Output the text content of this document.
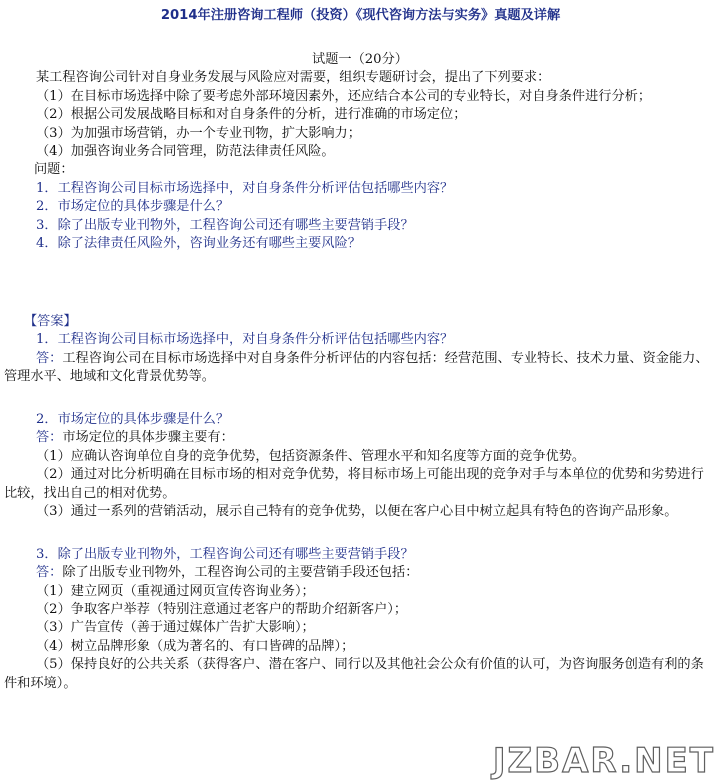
2014年注册咨询工程师（投资）《现代咨询方法与实务》真题及详解
试题一（20分）
某工程咨询公司针对自身业务发展与风险应对需要，组织专题研讨会，提出了下列要求：
（1）在目标市场选择中除了要考虑外部环境因素外，还应结合本公司的专业特长，对自身条件进行分析；
（2）根据公司发展战略目标和对自身条件的分析，进行准确的市场定位；
（3）为加强市场营销，办一个专业刊物，扩大影响力；
（4）加强咨询业务合同管理，防范法律责任风险。
问题：
1．工程咨询公司目标市场选择中，对自身条件分析评估包括哪些内容？
2．市场定位的具体步骤是什么？
3．除了出版专业刊物外，工程咨询公司还有哪些主要营销手段？
4．除了法律责任风险外，咨询业务还有哪些主要风险？
【答案】
1．工程咨询公司目标市场选择中，对自身条件分析评估包括哪些内容？
答：工程咨询公司在目标市场选择中对自身条件分析评估的内容包括：经营范围、专业特长、技术力量、资金能力、管理水平、地域和文化背景优势等。
2．市场定位的具体步骤是什么？
答：市场定位的具体步骤主要有：
（1）应确认咨询单位自身的竞争优势，包括资源条件、管理水平和知名度等方面的竞争优势。
（2）通过对比分析明确在目标市场的相对竞争优势，将目标市场上可能出现的竞争对手与本单位的优势和劣势进行比较，找出自己的相对优势。
（3）通过一系列的营销活动，展示自己特有的竞争优势，以便在客户心目中树立起具有特色的咨询产品形象。
3．除了出版专业刊物外，工程咨询公司还有哪些主要营销手段？
答：除了出版专业刊物外，工程咨询公司的主要营销手段还包括：
（1）建立网页（重视通过网页宣传咨询业务）；
（2）争取客户举荐（特别注意通过老客户的帮助介绍新客户）；
（3）广告宣传（善于通过媒体广告扩大影响）；
（4）树立品牌形象（成为著名的、有口皆碑的品牌）；
（5）保持良好的公共关系（获得客户、潜在客户、同行以及其他社会公众有价值的认可，为咨询服务创造有利的条件和环境）。
JZBAR.NET
